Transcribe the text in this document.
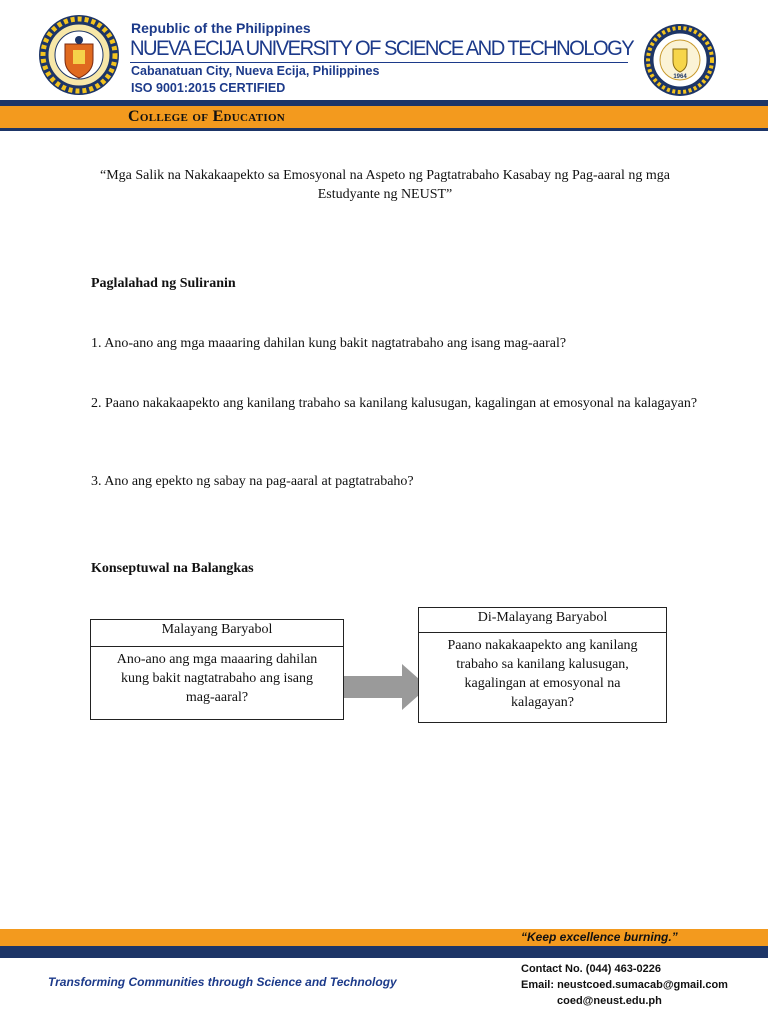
Republic of the Philippines
NUEVA ECIJA UNIVERSITY OF SCIENCE AND TECHNOLOGY
Cabanatuan City, Nueva Ecija, Philippines
ISO 9001:2015 CERTIFIED
1964
College of Education
“Mga Salik na Nakakaapekto sa Emosyonal na Aspeto ng Pagtatrabaho Kasabay ng Pag-aaral ng mga Estudyante ng NEUST”
Paglalahad ng Suliranin
1. Ano-ano ang mga maaaring dahilan kung bakit nagtatrabaho ang isang mag-aaral?
2. Paano nakakaapekto ang kanilang trabaho sa kanilang kalusugan, kagalingan at emosyonal na kalagayan?
3. Ano ang epekto ng sabay na pag-aaral at pagtatrabaho?
Konseptuwal na Balangkas
Malayang Baryabol
Ano-ano ang mga maaaring dahilan kung bakit nagtatrabaho ang isang mag-aaral?
Di-Malayang Baryabol
Paano nakakaapekto ang kanilang trabaho sa kanilang kalusugan, kagalingan at emosyonal na kalagayan?
“Keep excellence burning.”
Transforming Communities through Science and Technology
Contact No. (044) 463-0226
Email: neustcoed.sumacab@gmail.com
coed@neust.edu.ph
